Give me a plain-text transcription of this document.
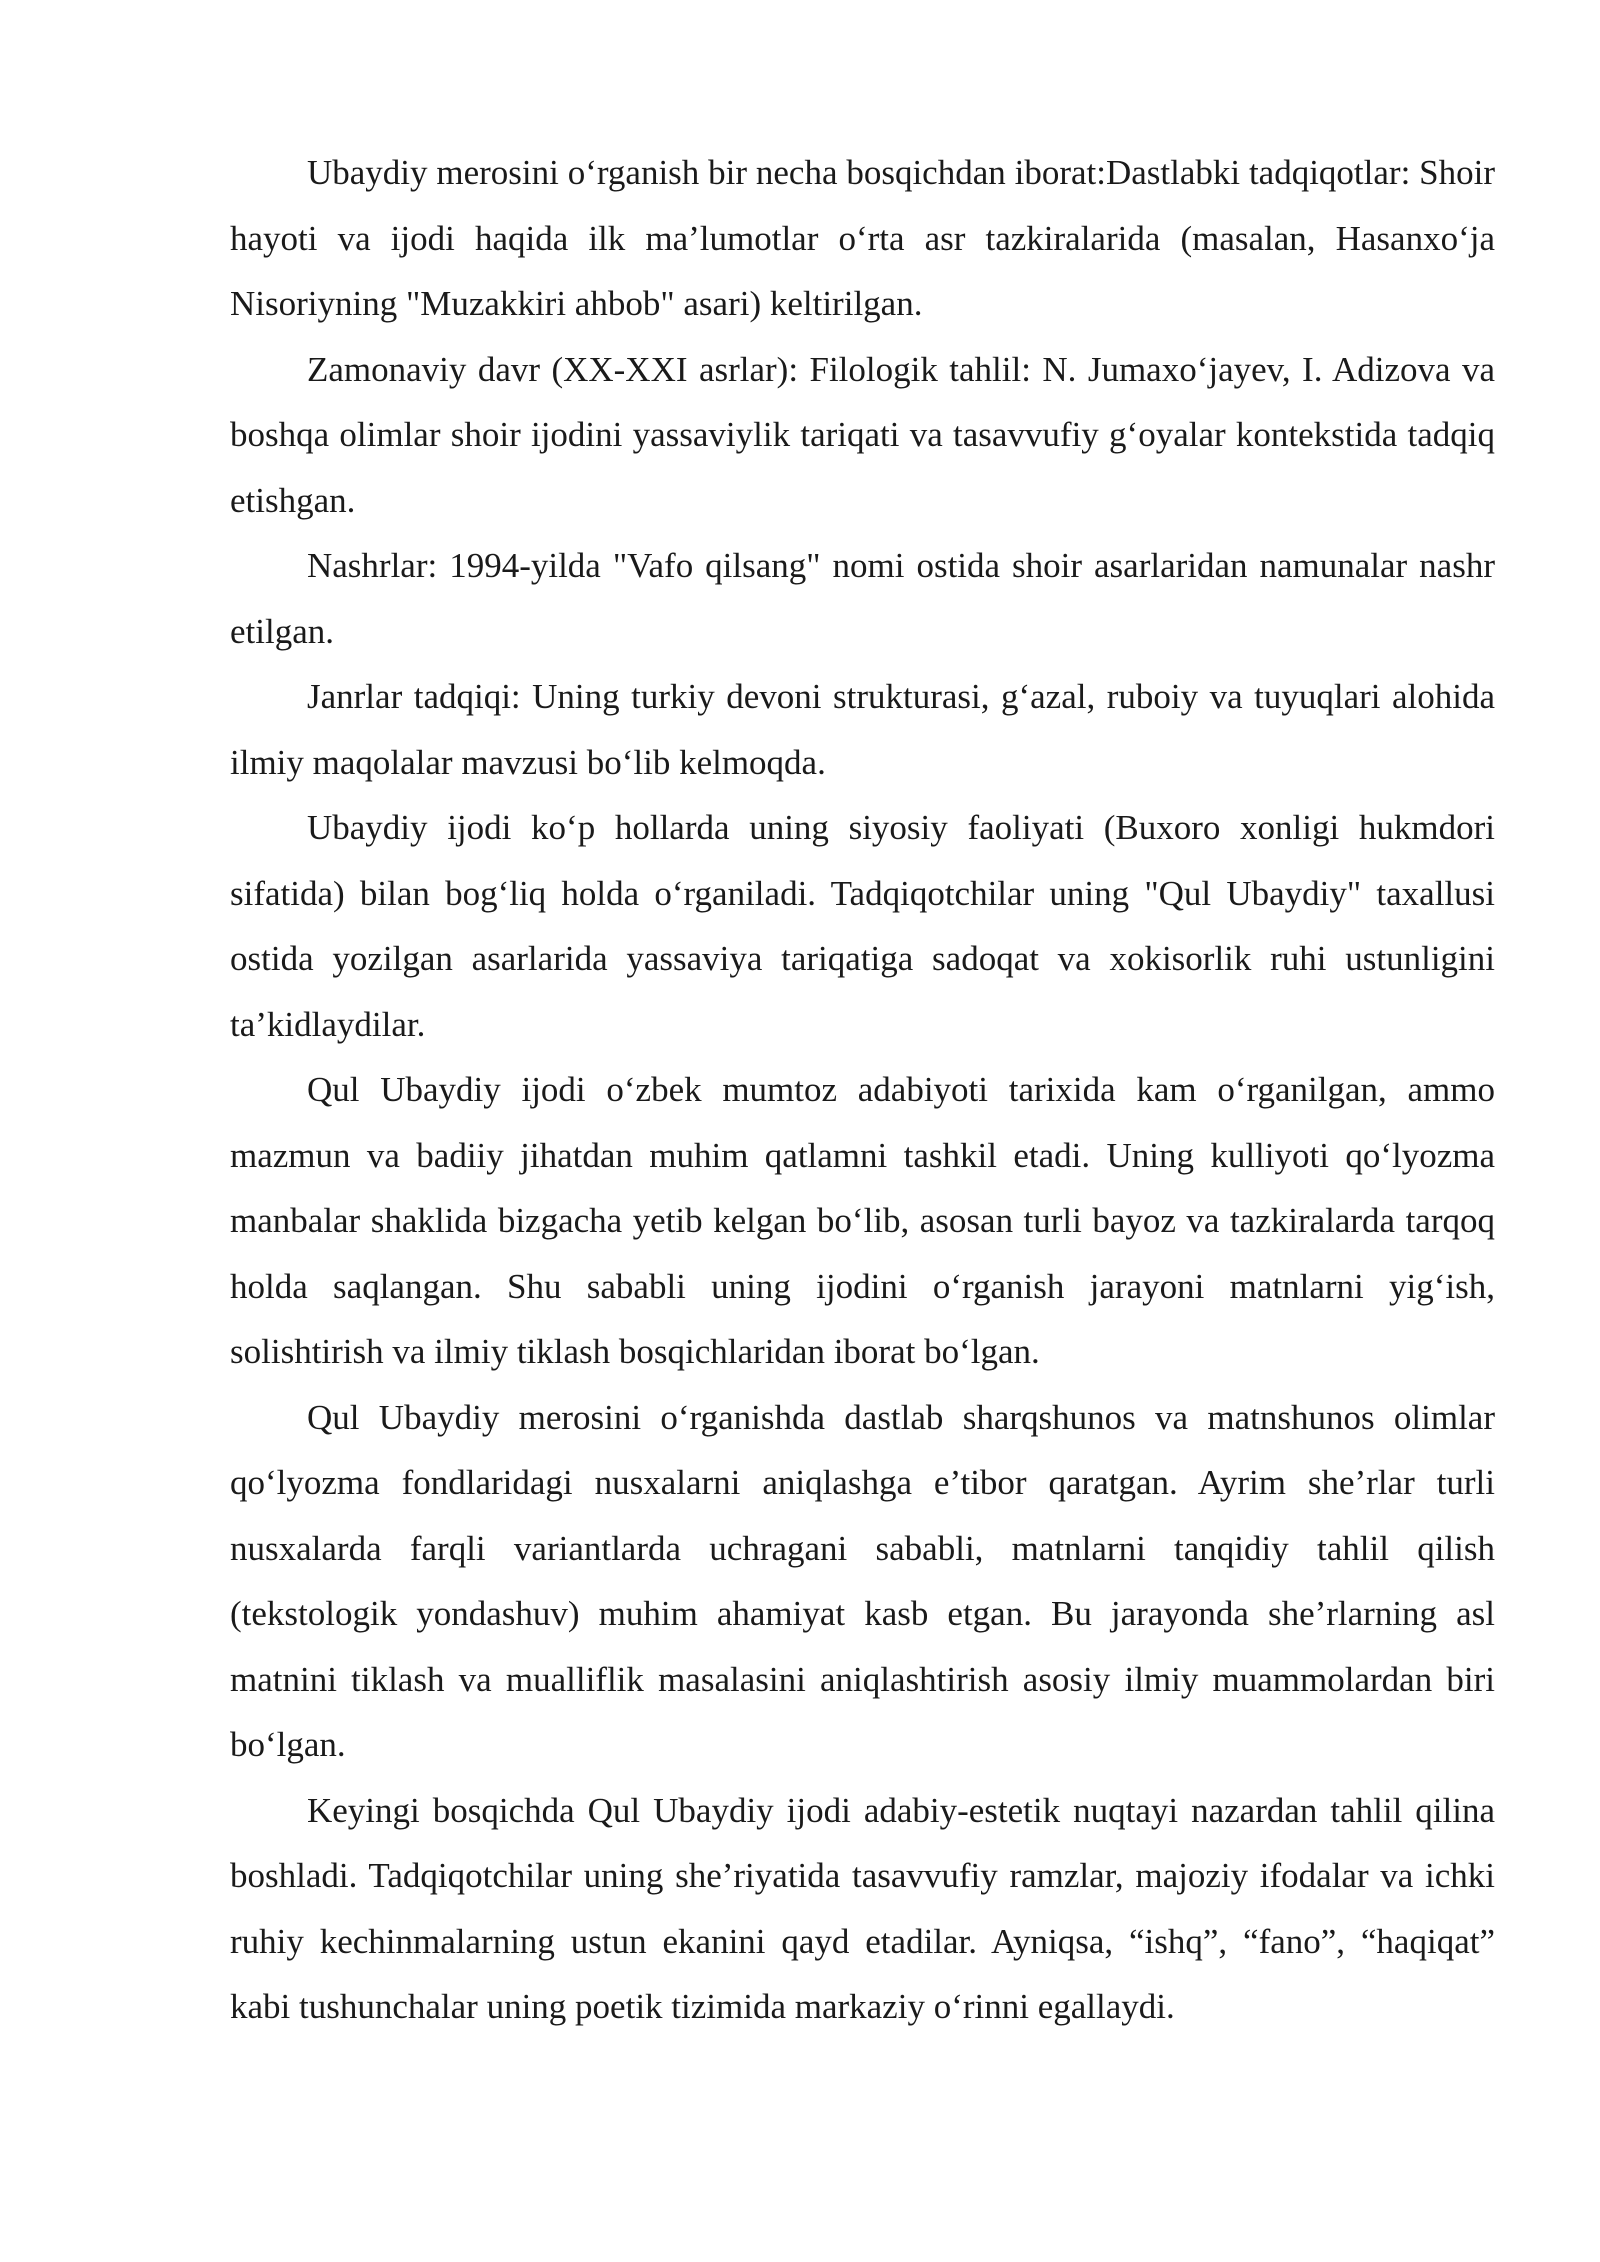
Ubaydiy merosini o‘rganish bir necha bosqichdan iborat:Dastlabki tadqiqotlar: Shoir hayoti va ijodi haqida ilk ma’lumotlar o‘rta asr tazkiralarida (masalan, Hasanxo‘ja Nisoriyning "Muzakkiri ahbob" asari) keltirilgan.

Zamonaviy davr (XX-XXI asrlar): Filologik tahlil: N. Jumaxo‘jayev, I. Adizova va boshqa olimlar shoir ijodini yassaviylik tariqati va tasavvufiy g‘oyalar kontekstida tadqiq etishgan.

Nashrlar: 1994-yilda "Vafo qilsang" nomi ostida shoir asarlaridan namunalar nashr etilgan.

Janrlar tadqiqi: Uning turkiy devoni strukturasi, g‘azal, ruboiy va tuyuqlari alohida ilmiy maqolalar mavzusi bo‘lib kelmoqda.

Ubaydiy ijodi ko‘p hollarda uning siyosiy faoliyati (Buxoro xonligi hukmdori sifatida) bilan bog‘liq holda o‘rganiladi. Tadqiqotchilar uning "Qul Ubaydiy" taxallusi ostida yozilgan asarlarida yassaviya tariqatiga sadoqat va xokisorlik ruhi ustunligini ta’kidlaydilar.

Qul Ubaydiy ijodi o‘zbek mumtoz adabiyoti tarixida kam o‘rganilgan, ammo mazmun va badiiy jihatdan muhim qatlamni tashkil etadi. Uning kulliyoti qo‘lyozma manbalar shaklida bizgacha yetib kelgan bo‘lib, asosan turli bayoz va tazkiralarda tarqoq holda saqlangan. Shu sababli uning ijodini o‘rganish jarayoni matnlarni yig‘ish, solishtirish va ilmiy tiklash bosqichlaridan iborat bo‘lgan.

Qul Ubaydiy merosini o‘rganishda dastlab sharqshunos va matnshunos olimlar qo‘lyozma fondlaridagi nusxalarni aniqlashga e’tibor qaratgan. Ayrim she’rlar turli nusxalarda farqli variantlarda uchragani sababli, matnlarni tanqidiy tahlil qilish (tekstologik yondashuv) muhim ahamiyat kasb etgan. Bu jarayonda she’rlarning asl matnini tiklash va mualliflik masalasini aniqlashtirish asosiy ilmiy muammolardan biri bo‘lgan.

Keyingi bosqichda Qul Ubaydiy ijodi adabiy-estetik nuqtayi nazardan tahlil qilina boshladi. Tadqiqotchilar uning she’riyatida tasavvufiy ramzlar, majoziy ifodalar va ichki ruhiy kechinmalarning ustun ekanini qayd etadilar. Ayniqsa, “ishq”, “fano”, “haqiqat” kabi tushunchalar uning poetik tizimida markaziy o‘rinni egallaydi.
